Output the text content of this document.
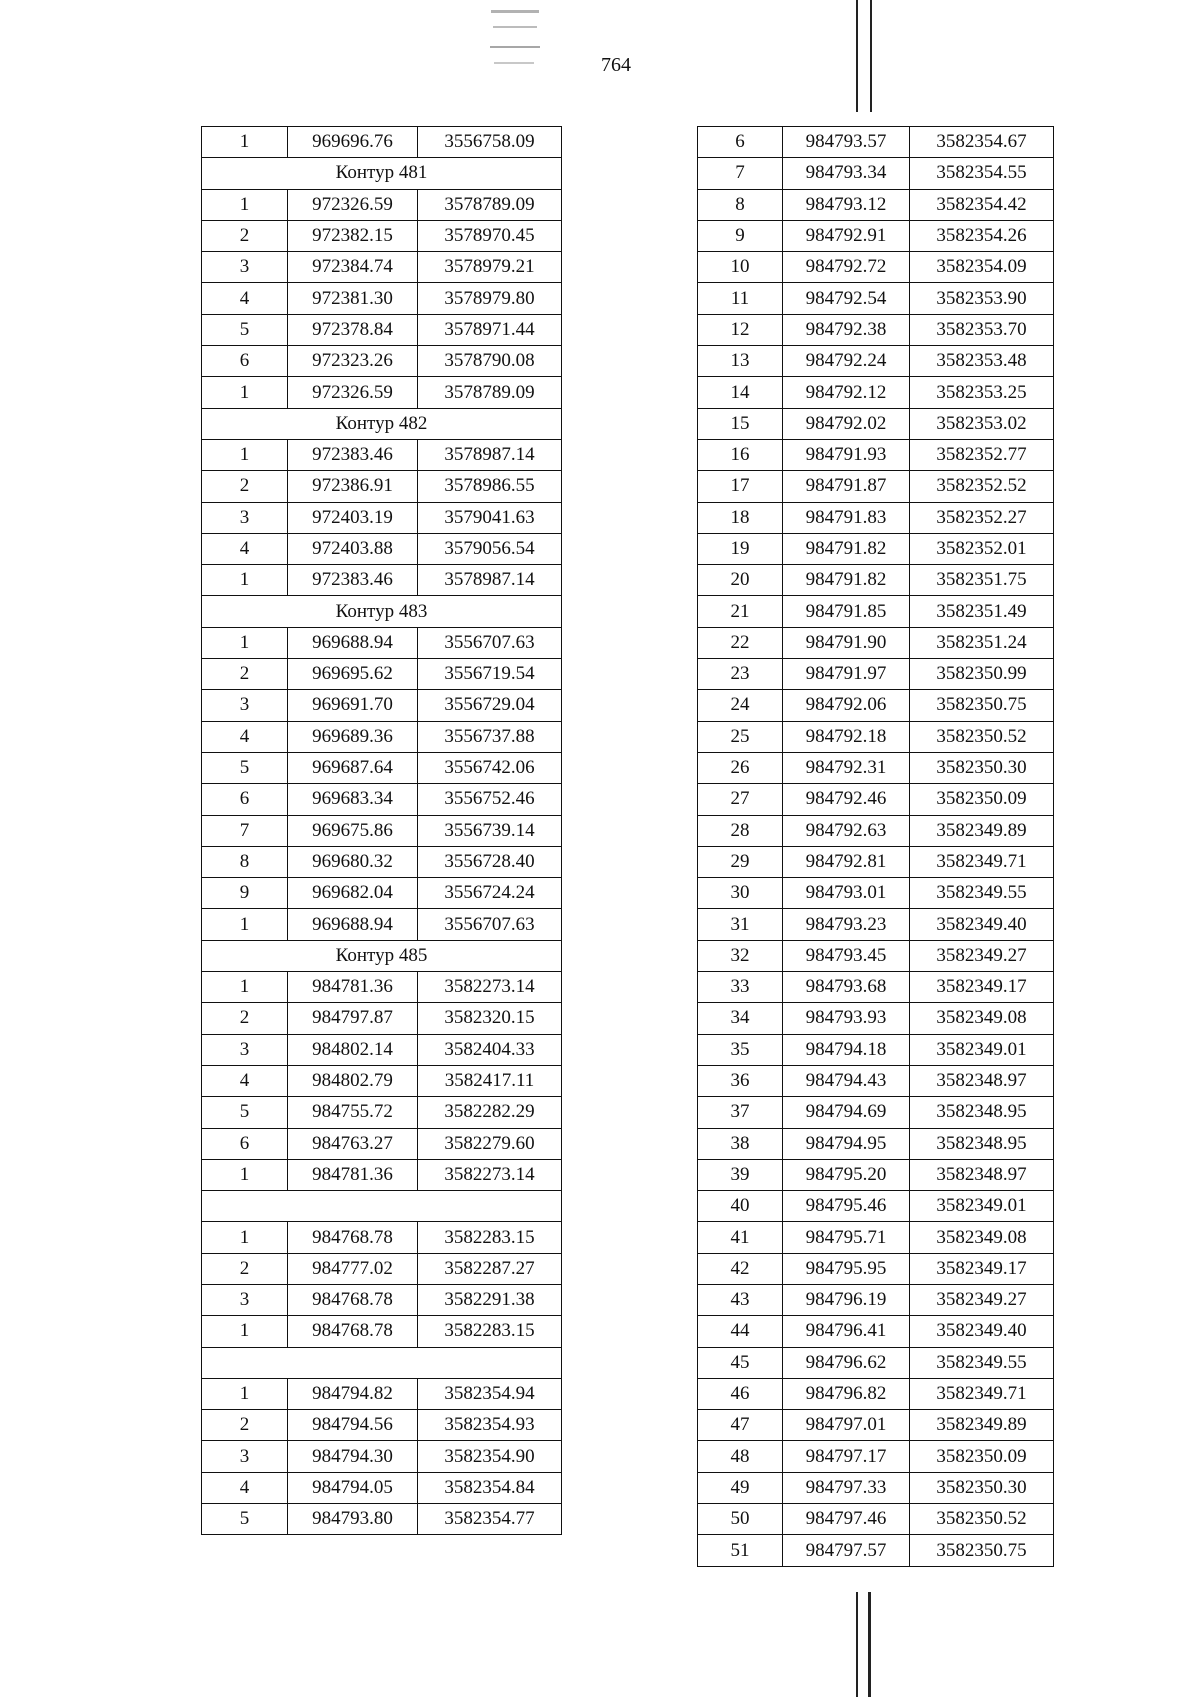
764
1	969696.76	3556758.09
Контур 481		
1	972326.59	3578789.09
2	972382.15	3578970.45
3	972384.74	3578979.21
4	972381.30	3578979.80
5	972378.84	3578971.44
6	972323.26	3578790.08
1	972326.59	3578789.09
Контур 482		
1	972383.46	3578987.14
2	972386.91	3578986.55
3	972403.19	3579041.63
4	972403.88	3579056.54
1	972383.46	3578987.14
Контур 483		
1	969688.94	3556707.63
2	969695.62	3556719.54
3	969691.70	3556729.04
4	969689.36	3556737.88
5	969687.64	3556742.06
6	969683.34	3556752.46
7	969675.86	3556739.14
8	969680.32	3556728.40
9	969682.04	3556724.24
1	969688.94	3556707.63
Контур 485		
1	984781.36	3582273.14
2	984797.87	3582320.15
3	984802.14	3582404.33
4	984802.79	3582417.11
5	984755.72	3582282.29
6	984763.27	3582279.60
1	984781.36	3582273.14

1	984768.78	3582283.15
2	984777.02	3582287.27
3	984768.78	3582291.38
1	984768.78	3582283.15

1	984794.82	3582354.94
2	984794.56	3582354.93
3	984794.30	3582354.90
4	984794.05	3582354.84
5	984793.80	3582354.77
6	984793.57	3582354.67
7	984793.34	3582354.55
8	984793.12	3582354.42
9	984792.91	3582354.26
10	984792.72	3582354.09
11	984792.54	3582353.90
12	984792.38	3582353.70
13	984792.24	3582353.48
14	984792.12	3582353.25
15	984792.02	3582353.02
16	984791.93	3582352.77
17	984791.87	3582352.52
18	984791.83	3582352.27
19	984791.82	3582352.01
20	984791.82	3582351.75
21	984791.85	3582351.49
22	984791.90	3582351.24
23	984791.97	3582350.99
24	984792.06	3582350.75
25	984792.18	3582350.52
26	984792.31	3582350.30
27	984792.46	3582350.09
28	984792.63	3582349.89
29	984792.81	3582349.71
30	984793.01	3582349.55
31	984793.23	3582349.40
32	984793.45	3582349.27
33	984793.68	3582349.17
34	984793.93	3582349.08
35	984794.18	3582349.01
36	984794.43	3582348.97
37	984794.69	3582348.95
38	984794.95	3582348.95
39	984795.20	3582348.97
40	984795.46	3582349.01
41	984795.71	3582349.08
42	984795.95	3582349.17
43	984796.19	3582349.27
44	984796.41	3582349.40
45	984796.62	3582349.55
46	984796.82	3582349.71
47	984797.01	3582349.89
48	984797.17	3582350.09
49	984797.33	3582350.30
50	984797.46	3582350.52
51	984797.57	3582350.75
